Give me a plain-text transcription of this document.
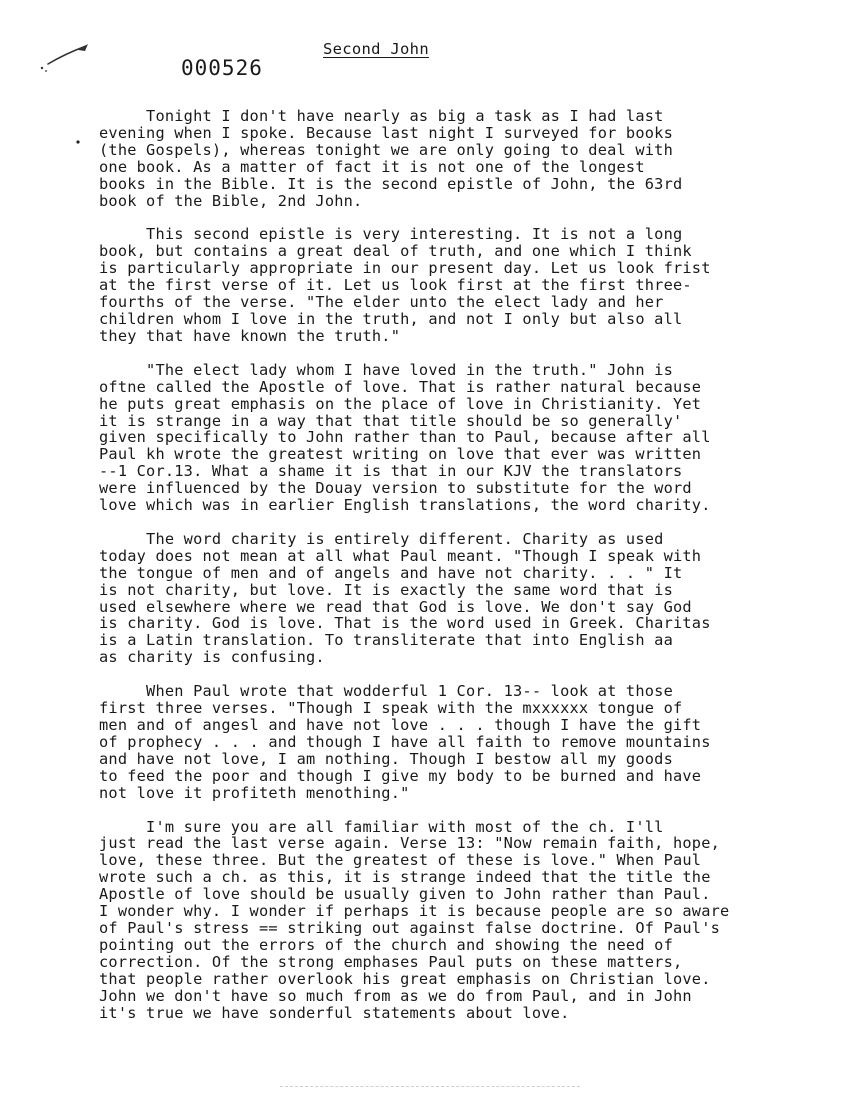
Second John
000526
Tonight I don't have nearly as big a task as I had last
evening when I spoke. Because last night I surveyed for books
(the Gospels), whereas tonight we are only going to deal with
one book. As a matter of fact it is not one of the longest
books in the Bible. It is the second epistle of John, the 63rd
book of the Bible, 2nd John.
This second epistle is very interesting. It is not a long
book, but contains a great deal of truth, and one which I think
is particularly appropriate in our present day. Let us look frist
at the first verse of it. Let us look first at the first three-
fourths of the verse. "The elder unto the elect lady and her
children whom I love in the truth, and not I only but also all
they that have known the truth."
"The elect lady whom I have loved in the truth." John is
oftne called the Apostle of love. That is rather natural because
he puts great emphasis on the place of love in Christianity. Yet
it is strange in a way that that title should be so generally'
given specifically to John rather than to Paul, because after all
Paul kh wrote the greatest writing on love that ever was written
--1 Cor.13. What a shame it is that in our KJV the translators
were influenced by the Douay version to substitute for the word
love which was in earlier English translations, the word charity.
The word charity is entirely different. Charity as used
today does not mean at all what Paul meant. "Though I speak with
the tongue of men and of angels and have not charity. . . " It
is not charity, but love. It is exactly the same word that is
used elsewhere where we read that God is love. We don't say God
is charity. God is love. That is the word used in Greek. Charitas
is a Latin translation. To transliterate that into English aa
as charity is confusing.
When Paul wrote that wodderful 1 Cor. 13-- look at those
first three verses. "Though I speak with the mxxxxxx tongue of
men and of angesl and have not love . . . though I have the gift
of prophecy . . . and though I have all faith to remove mountains
and have not love, I am nothing. Though I bestow all my goods
to feed the poor and though I give my body to be burned and have
not love it profiteth menothing."
I'm sure you are all familiar with most of the ch. I'll
just read the last verse again. Verse 13: "Now remain faith, hope,
love, these three. But the greatest of these is love." When Paul
wrote such a ch. as this, it is strange indeed that the title the
Apostle of love should be usually given to John rather than Paul.
I wonder why. I wonder if perhaps it is because people are so aware
of Paul's stress == striking out against false doctrine. Of Paul's
pointing out the errors of the church and showing the need of
correction. Of the strong emphases Paul puts on these matters,
that people rather overlook his great emphasis on Christian love.
John we don't have so much from as we do from Paul, and in John
it's true we have sonderful statements about love.
